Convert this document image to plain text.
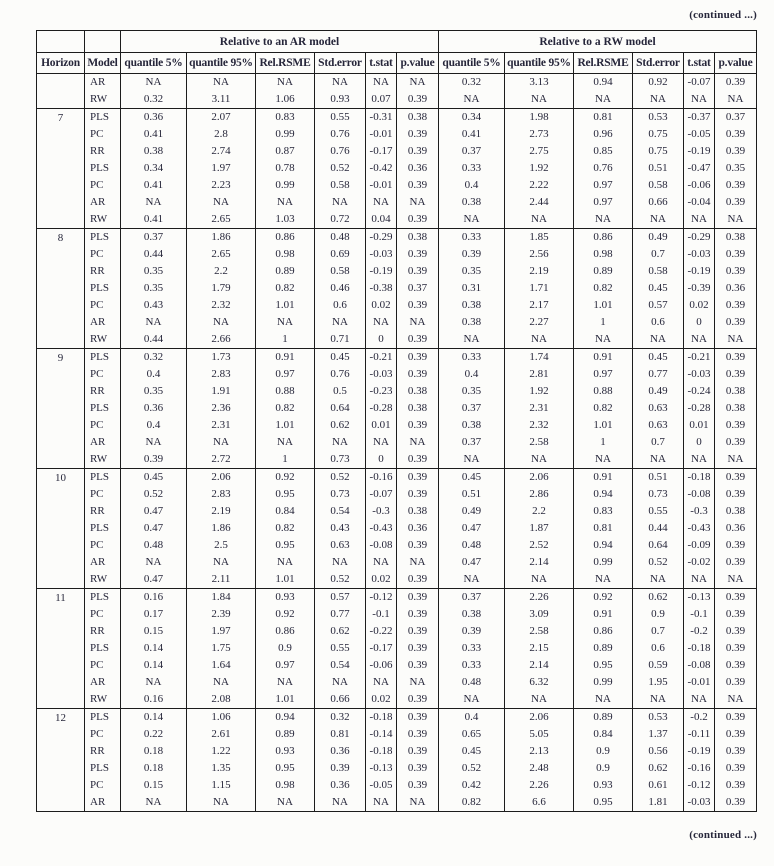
(continued ...)
		Relative to an AR model						Relative to a RW model					
Horizon	Model	quantile 5%	quantile 95%	Rel.RSME	Std.error	t.stat	p.value	quantile 5%	quantile 95%	Rel.RSME	Std.error	t.stat	p.value
	AR	NA	NA	NA	NA	NA	NA	0.32	3.13	0.94	0.92	-0.07	0.39
	RW	0.32	3.11	1.06	0.93	0.07	0.39	NA	NA	NA	NA	NA	NA
7	PLS	0.36	2.07	0.83	0.55	-0.31	0.38	0.34	1.98	0.81	0.53	-0.37	0.37
	PC	0.41	2.8	0.99	0.76	-0.01	0.39	0.41	2.73	0.96	0.75	-0.05	0.39
	RR	0.38	2.74	0.87	0.76	-0.17	0.39	0.37	2.75	0.85	0.75	-0.19	0.39
	PLS	0.34	1.97	0.78	0.52	-0.42	0.36	0.33	1.92	0.76	0.51	-0.47	0.35
	PC	0.41	2.23	0.99	0.58	-0.01	0.39	0.4	2.22	0.97	0.58	-0.06	0.39
	AR	NA	NA	NA	NA	NA	NA	0.38	2.44	0.97	0.66	-0.04	0.39
	RW	0.41	2.65	1.03	0.72	0.04	0.39	NA	NA	NA	NA	NA	NA
8	PLS	0.37	1.86	0.86	0.48	-0.29	0.38	0.33	1.85	0.86	0.49	-0.29	0.38
	PC	0.44	2.65	0.98	0.69	-0.03	0.39	0.39	2.56	0.98	0.7	-0.03	0.39
	RR	0.35	2.2	0.89	0.58	-0.19	0.39	0.35	2.19	0.89	0.58	-0.19	0.39
	PLS	0.35	1.79	0.82	0.46	-0.38	0.37	0.31	1.71	0.82	0.45	-0.39	0.36
	PC	0.43	2.32	1.01	0.6	0.02	0.39	0.38	2.17	1.01	0.57	0.02	0.39
	AR	NA	NA	NA	NA	NA	NA	0.38	2.27	1	0.6	0	0.39
	RW	0.44	2.66	1	0.71	0	0.39	NA	NA	NA	NA	NA	NA
9	PLS	0.32	1.73	0.91	0.45	-0.21	0.39	0.33	1.74	0.91	0.45	-0.21	0.39
	PC	0.4	2.83	0.97	0.76	-0.03	0.39	0.4	2.81	0.97	0.77	-0.03	0.39
	RR	0.35	1.91	0.88	0.5	-0.23	0.38	0.35	1.92	0.88	0.49	-0.24	0.38
	PLS	0.36	2.36	0.82	0.64	-0.28	0.38	0.37	2.31	0.82	0.63	-0.28	0.38
	PC	0.4	2.31	1.01	0.62	0.01	0.39	0.38	2.32	1.01	0.63	0.01	0.39
	AR	NA	NA	NA	NA	NA	NA	0.37	2.58	1	0.7	0	0.39
	RW	0.39	2.72	1	0.73	0	0.39	NA	NA	NA	NA	NA	NA
10	PLS	0.45	2.06	0.92	0.52	-0.16	0.39	0.45	2.06	0.91	0.51	-0.18	0.39
	PC	0.52	2.83	0.95	0.73	-0.07	0.39	0.51	2.86	0.94	0.73	-0.08	0.39
	RR	0.47	2.19	0.84	0.54	-0.3	0.38	0.49	2.2	0.83	0.55	-0.3	0.38
	PLS	0.47	1.86	0.82	0.43	-0.43	0.36	0.47	1.87	0.81	0.44	-0.43	0.36
	PC	0.48	2.5	0.95	0.63	-0.08	0.39	0.48	2.52	0.94	0.64	-0.09	0.39
	AR	NA	NA	NA	NA	NA	NA	0.47	2.14	0.99	0.52	-0.02	0.39
	RW	0.47	2.11	1.01	0.52	0.02	0.39	NA	NA	NA	NA	NA	NA
11	PLS	0.16	1.84	0.93	0.57	-0.12	0.39	0.37	2.26	0.92	0.62	-0.13	0.39
	PC	0.17	2.39	0.92	0.77	-0.1	0.39	0.38	3.09	0.91	0.9	-0.1	0.39
	RR	0.15	1.97	0.86	0.62	-0.22	0.39	0.39	2.58	0.86	0.7	-0.2	0.39
	PLS	0.14	1.75	0.9	0.55	-0.17	0.39	0.33	2.15	0.89	0.6	-0.18	0.39
	PC	0.14	1.64	0.97	0.54	-0.06	0.39	0.33	2.14	0.95	0.59	-0.08	0.39
	AR	NA	NA	NA	NA	NA	NA	0.48	6.32	0.99	1.95	-0.01	0.39
	RW	0.16	2.08	1.01	0.66	0.02	0.39	NA	NA	NA	NA	NA	NA
12	PLS	0.14	1.06	0.94	0.32	-0.18	0.39	0.4	2.06	0.89	0.53	-0.2	0.39
	PC	0.22	2.61	0.89	0.81	-0.14	0.39	0.65	5.05	0.84	1.37	-0.11	0.39
	RR	0.18	1.22	0.93	0.36	-0.18	0.39	0.45	2.13	0.9	0.56	-0.19	0.39
	PLS	0.18	1.35	0.95	0.39	-0.13	0.39	0.52	2.48	0.9	0.62	-0.16	0.39
	PC	0.15	1.15	0.98	0.36	-0.05	0.39	0.42	2.26	0.93	0.61	-0.12	0.39
	AR	NA	NA	NA	NA	NA	NA	0.82	6.6	0.95	1.81	-0.03	0.39
(continued ...)
